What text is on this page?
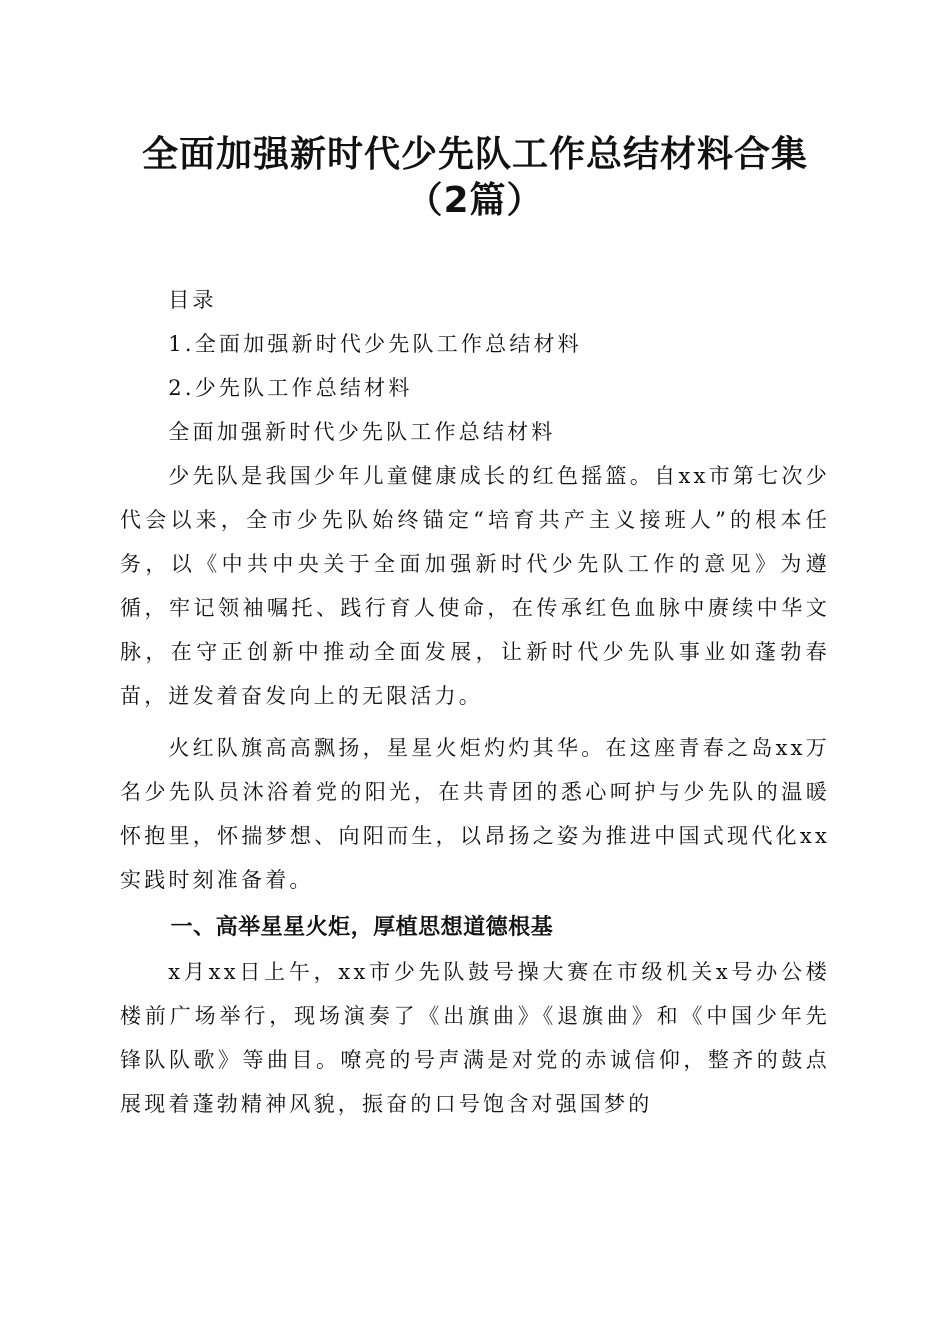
全面加强新时代少先队工作总结材料合集（2篇）

目录

1.全面加强新时代少先队工作总结材料

2.少先队工作总结材料

全面加强新时代少先队工作总结材料

少先队是我国少年儿童健康成长的红色摇篮。自xx市第七次少代会以来，全市少先队始终锚定“培育共产主义接班人”的根本任务，以《中共中央关于全面加强新时代少先队工作的意见》为遵循，牢记领袖嘱托、践行育人使命，在传承红色血脉中赓续中华文脉，在守正创新中推动全面发展，让新时代少先队事业如蓬勃春苗，迸发着奋发向上的无限活力。

火红队旗高高飘扬，星星火炬灼灼其华。在这座青春之岛xx万名少先队员沐浴着党的阳光，在共青团的悉心呵护与少先队的温暖怀抱里，怀揣梦想、向阳而生，以昂扬之姿为推进中国式现代化xx实践时刻准备着。

一、高举星星火炬，厚植思想道德根基

x月xx日上午，xx市少先队鼓号操大赛在市级机关x号办公楼楼前广场举行，现场演奏了《出旗曲》《退旗曲》和《中国少年先锋队队歌》等曲目。嘹亮的号声满是对党的赤诚信仰，整齐的鼓点展现着蓬勃精神风貌，振奋的口号饱含对强国梦的
